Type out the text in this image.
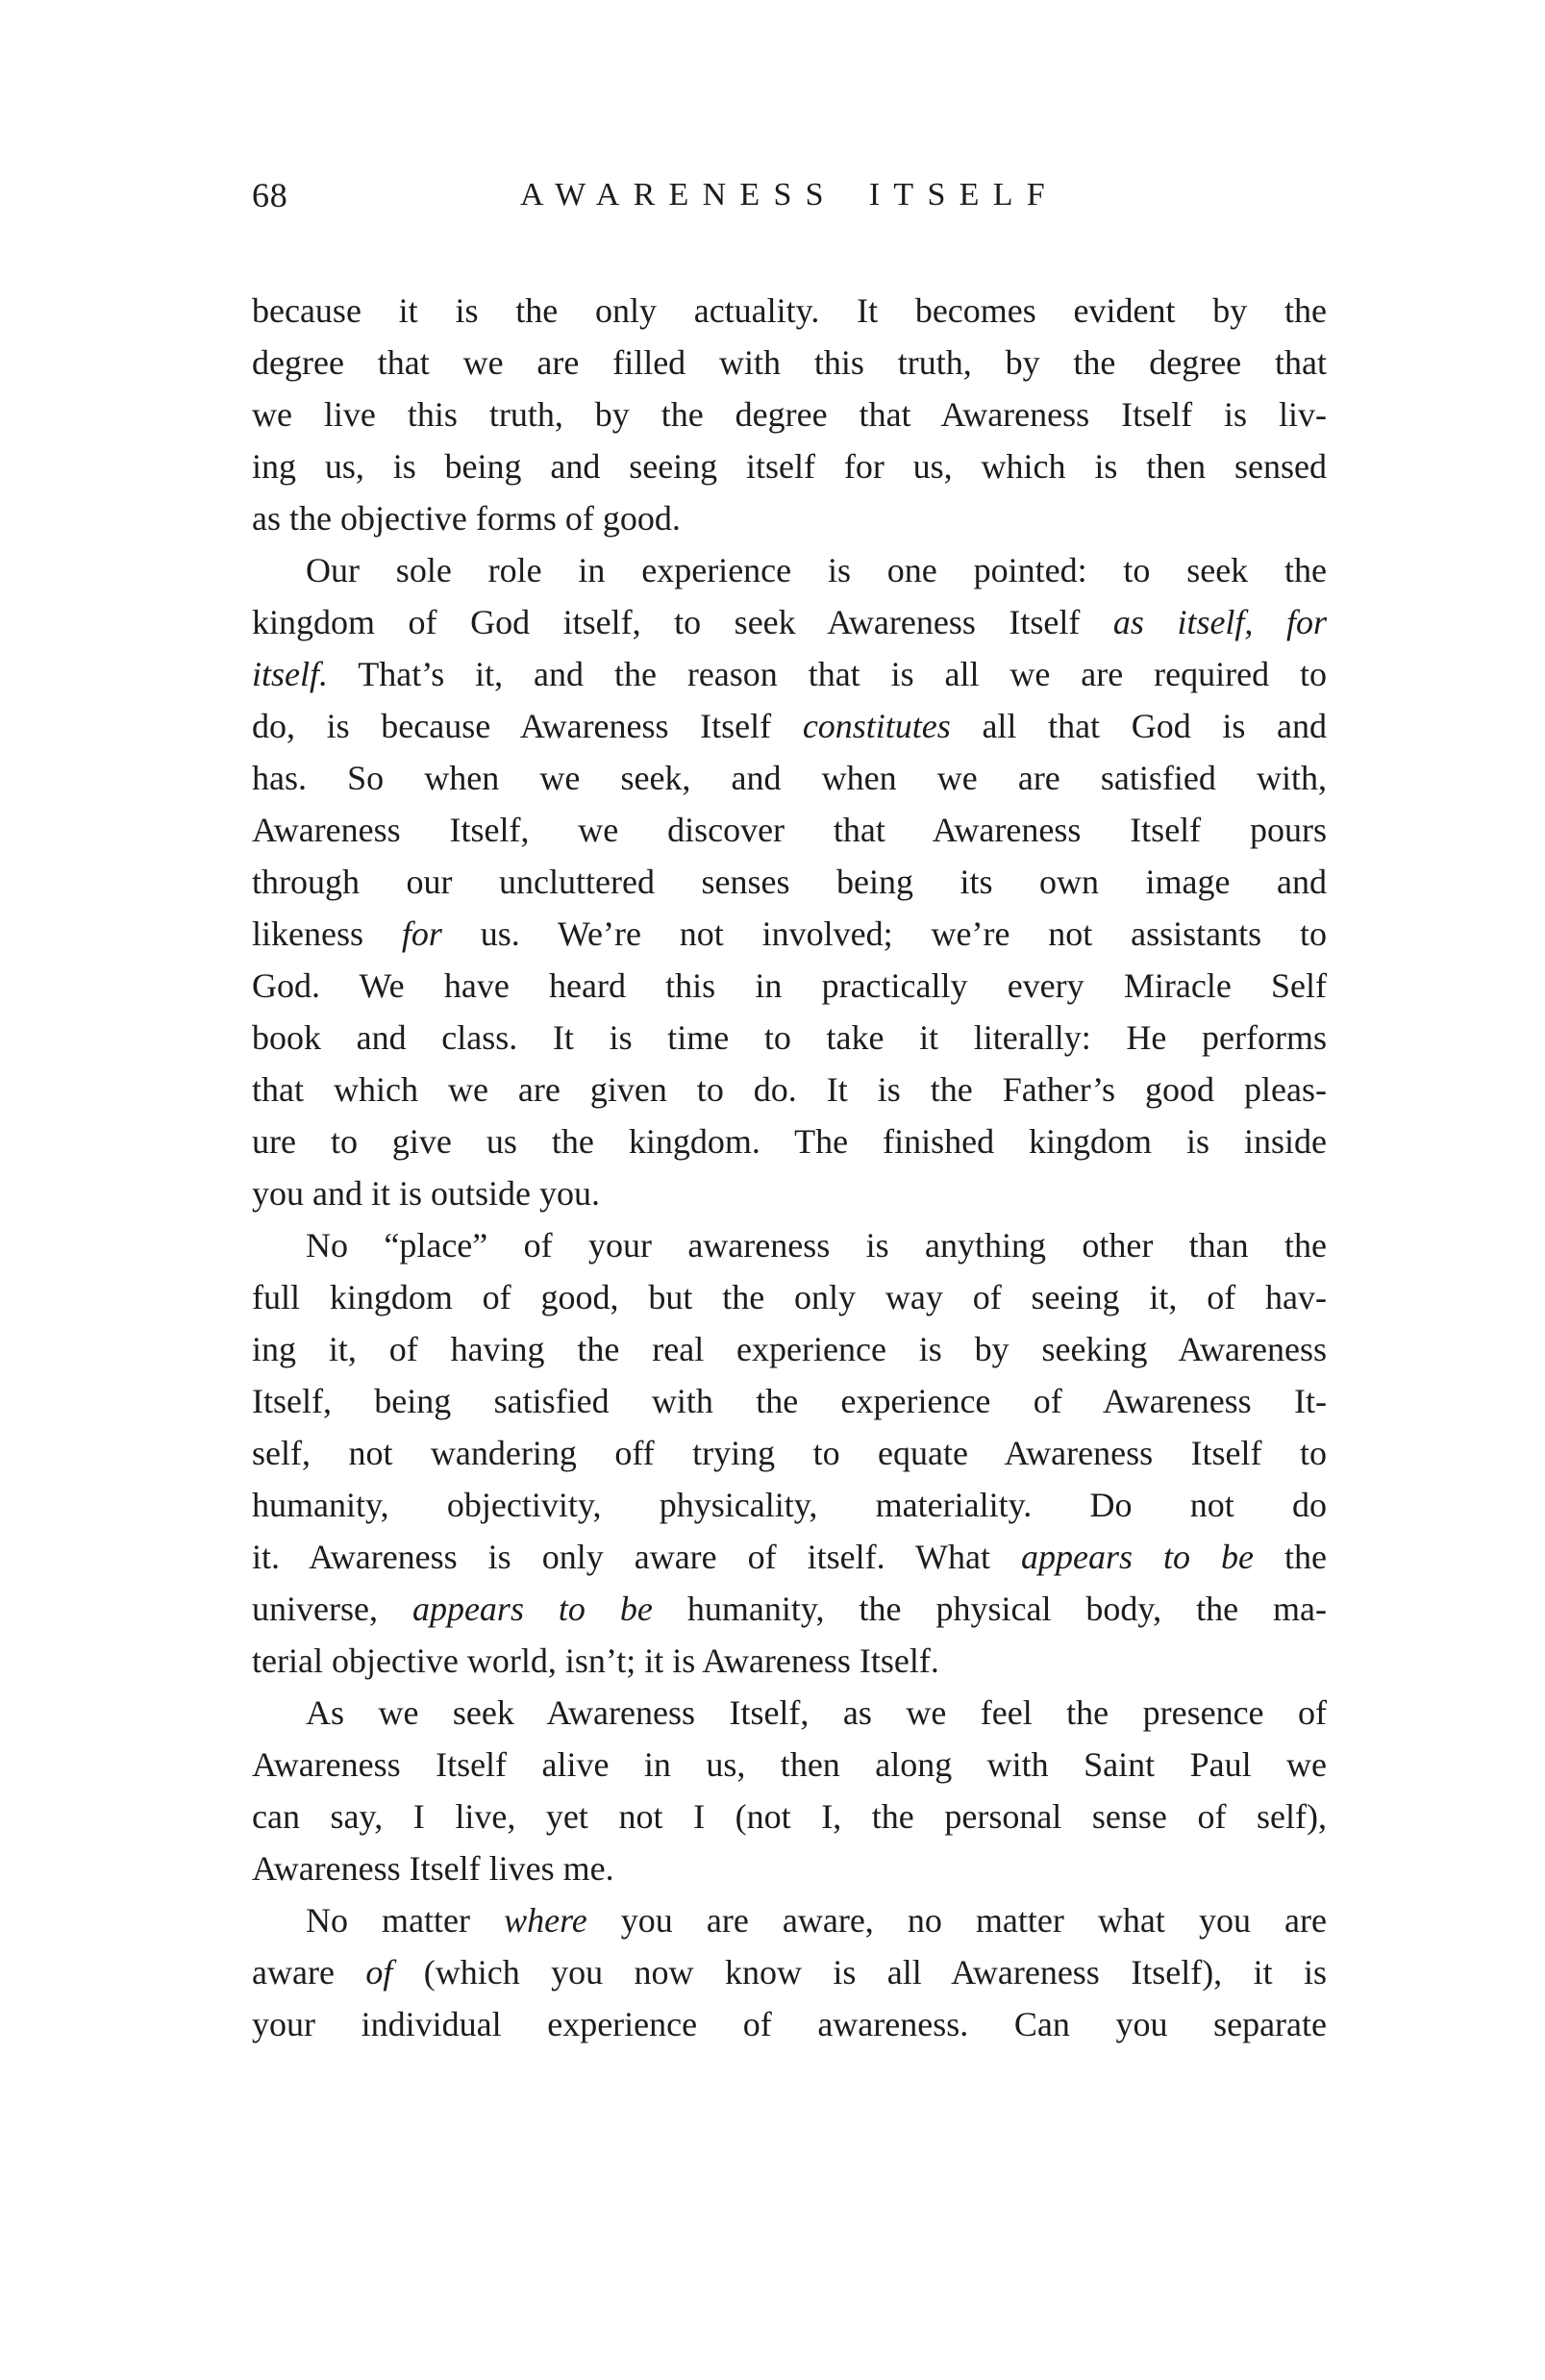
68	AWARENESS ITSELF
because it is the only actuality. It becomes evident by the
degree that we are filled with this truth, by the degree that
we live this truth, by the degree that Awareness Itself is liv-
ing us, is being and seeing itself for us, which is then sensed
as the objective forms of good.
Our sole role in experience is one pointed: to seek the
kingdom of God itself, to seek Awareness Itself as itself, for
itself. That’s it, and the reason that is all we are required to
do, is because Awareness Itself constitutes all that God is and
has. So when we seek, and when we are satisfied with,
Awareness Itself, we discover that Awareness Itself pours
through our uncluttered senses being its own image and
likeness for us. We’re not involved; we’re not assistants to
God. We have heard this in practically every Miracle Self
book and class. It is time to take it literally: He performs
that which we are given to do. It is the Father’s good pleas-
ure to give us the kingdom. The finished kingdom is inside
you and it is outside you.
No “place” of your awareness is anything other than the
full kingdom of good, but the only way of seeing it, of hav-
ing it, of having the real experience is by seeking Awareness
Itself, being satisfied with the experience of Awareness It-
self, not wandering off trying to equate Awareness Itself to
humanity, objectivity, physicality, materiality. Do not do
it. Awareness is only aware of itself. What appears to be the
universe, appears to be humanity, the physical body, the ma-
terial objective world, isn’t; it is Awareness Itself.
As we seek Awareness Itself, as we feel the presence of
Awareness Itself alive in us, then along with Saint Paul we
can say, I live, yet not I (not I, the personal sense of self),
Awareness Itself lives me.
No matter where you are aware, no matter what you are
aware of (which you now know is all Awareness Itself), it is
your individual experience of awareness. Can you separate
